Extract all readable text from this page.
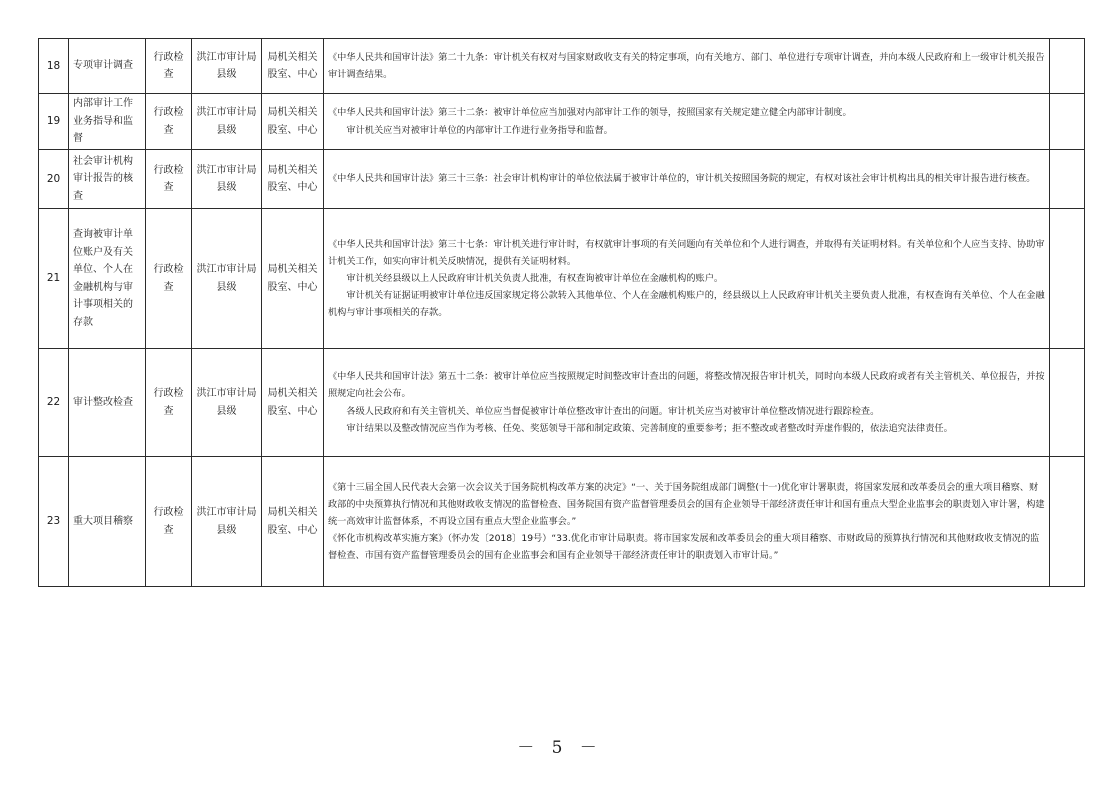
18	专项审计调查	行政检查	洪江市审计局县级	局机关相关股室、中心	《中华人民共和国审计法》第二十九条：审计机关有权对与国家财政收支有关的特定事项，向有关地方、部门、单位进行专项审计调查，并向本级人民政府和上一级审计机关报告审计调查结果。	

19	内部审计工作业务指导和监督	行政检查	洪江市审计局县级	局机关相关股室、中心	《中华人民共和国审计法》第三十二条：被审计单位应当加强对内部审计工作的领导，按照国家有关规定建立健全内部审计制度。

审计机关应当对被审计单位的内部审计工作进行业务指导和监督。	

20	社会审计机构审计报告的核查	行政检查	洪江市审计局县级	局机关相关股室、中心	《中华人民共和国审计法》第三十三条：社会审计机构审计的单位依法属于被审计单位的，审计机关按照国务院的规定，有权对该社会审计机构出具的相关审计报告进行核查。	

21	查询被审计单位账户及有关单位、个人在金融机构与审计事项相关的存款	行政检查	洪江市审计局县级	局机关相关股室、中心	《中华人民共和国审计法》第三十七条：审计机关进行审计时，有权就审计事项的有关问题向有关单位和个人进行调查，并取得有关证明材料。有关单位和个人应当支持、协助审计机关工作，如实向审计机关反映情况，提供有关证明材料。

审计机关经县级以上人民政府审计机关负责人批准，有权查询被审计单位在金融机构的账户。

审计机关有证据证明被审计单位违反国家规定将公款转入其他单位、个人在金融机构账户的，经县级以上人民政府审计机关主要负责人批准，有权查询有关单位、个人在金融机构与审计事项相关的存款。	

22	审计整改检查	行政检查	洪江市审计局县级	局机关相关股室、中心	《中华人民共和国审计法》第五十二条：被审计单位应当按照规定时间整改审计查出的问题，将整改情况报告审计机关，同时向本级人民政府或者有关主管机关、单位报告，并按照规定向社会公布。

各级人民政府和有关主管机关、单位应当督促被审计单位整改审计查出的问题。审计机关应当对被审计单位整改情况进行跟踪检查。

审计结果以及整改情况应当作为考核、任免、奖惩领导干部和制定政策、完善制度的重要参考；拒不整改或者整改时弄虚作假的，依法追究法律责任。	

23	重大项目稽察	行政检查	洪江市审计局县级	局机关相关股室、中心	《第十三届全国人民代表大会第一次会议关于国务院机构改革方案的决定》“一、关于国务院组成部门调整(十一)优化审计署职责，将国家发展和改革委员会的重大项目稽察、财政部的中央预算执行情况和其他财政收支情况的监督检查、国务院国有资产监督管理委员会的国有企业领导干部经济责任审计和国有重点大型企业监事会的职责划入审计署，构建统一高效审计监督体系，不再设立国有重点大型企业监事会。”

《怀化市机构改革实施方案》（怀办发〔2018〕19号）“33.优化市审计局职责。将市国家发展和改革委员会的重大项目稽察、市财政局的预算执行情况和其他财政收支情况的监督检查、市国有资产监督管理委员会的国有企业监事会和国有企业领导干部经济责任审计的职责划入市审计局。”	

－ 5 －
